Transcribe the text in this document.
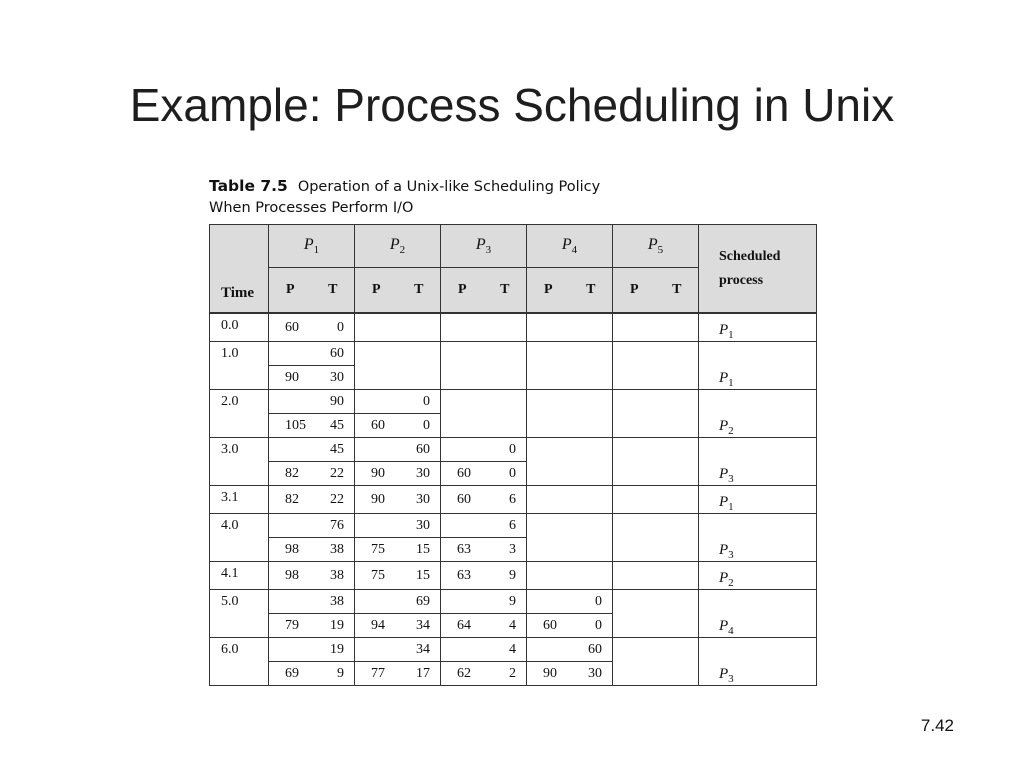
Example: Process Scheduling in Unix
Table 7.5 Operation of a Unix-like Scheduling Policy
When Processes Perform I/O
Time	$P_1$		$P_2$		$P_3$		$P_4$		$P_5$		Scheduled
process
	P	T	P	T	P	T	P	T	P	T	
0.0	60	0									$P_1$
1.0		60									$P_1$
	90	30									
2.0		90		0							$P_2$
	105	45	60	0							
3.0		45		60		0					$P_3$
	82	22	90	30	60	0					
3.1	82	22	90	30	60	6					$P_1$
4.0		76		30		6					$P_3$
	98	38	75	15	63	3					
4.1	98	38	75	15	63	9					$P_2$
5.0		38		69		9		0			$P_4$
	79	19	94	34	64	4	60	0			
6.0		19		34		4		60			$P_3$
	69	9	77	17	62	2	90	30			
7.42
